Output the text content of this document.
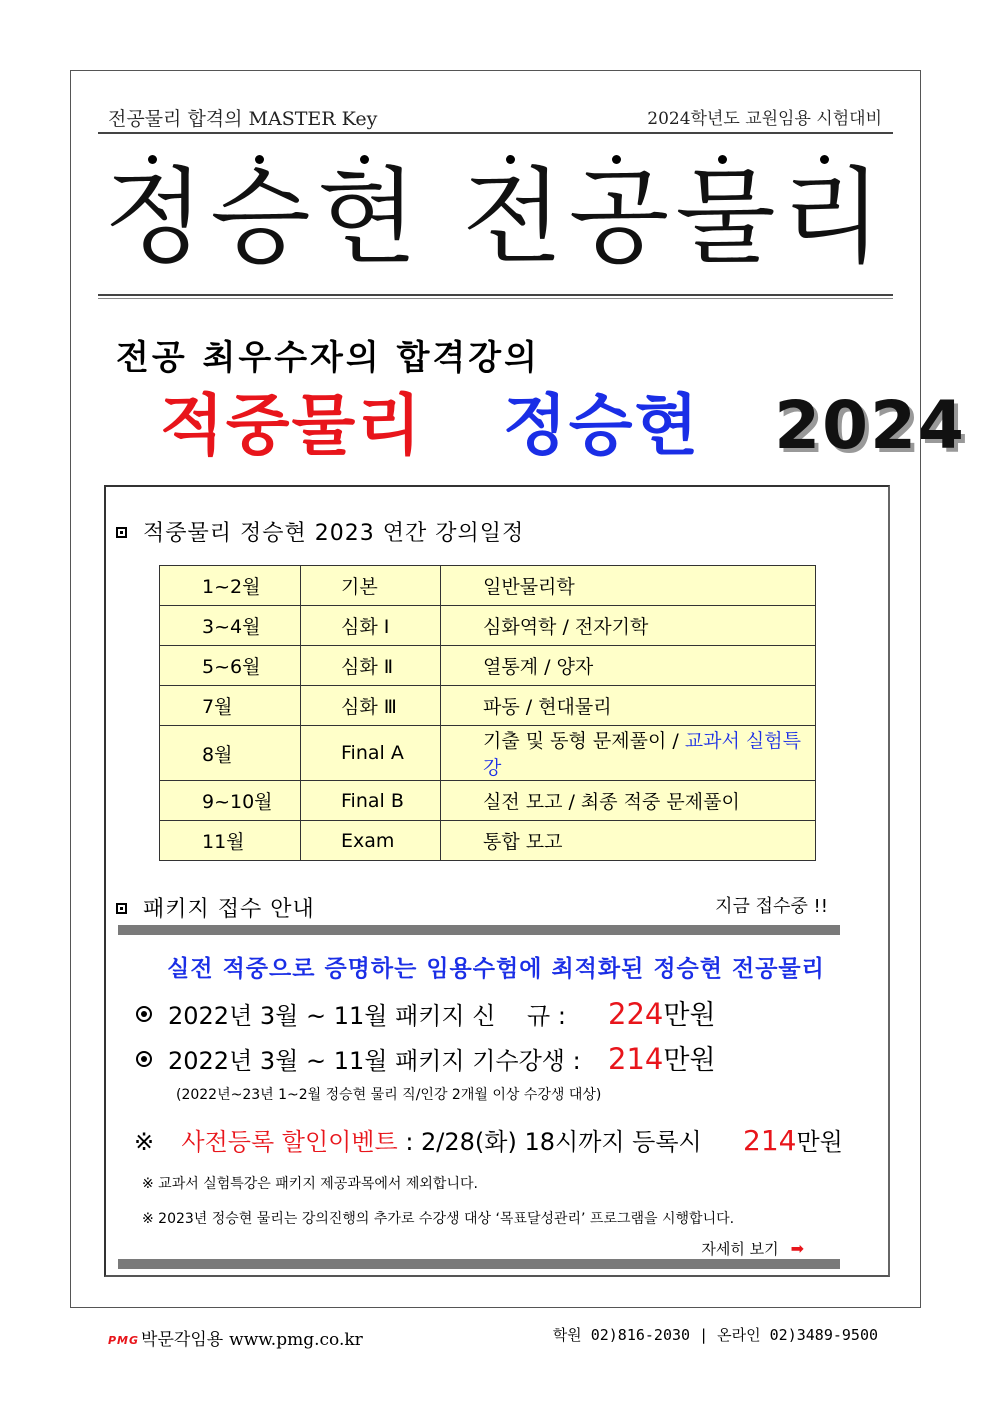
전공물리 합격의 MASTER Key	2024학년도 교원임용 시험대비
정승현 전공물리
전공 최우수자의 합격강의
적중물리 정승현 2024
적중물리 정승현 2023 연간 강의일정
1~2월	기본	일반물리학
3~4월	심화 Ⅰ	심화역학 / 전자기학
5~6월	심화 Ⅱ	열통계 / 양자
7월	심화 Ⅲ	파동 / 현대물리
8월	Final A	기출 및 동형 문제풀이 / 교과서 실험특강
9~10월	Final B	실전 모고 / 최종 적중 문제풀이
11월	Exam	통합 모고
패키지 접수 안내	지금 접수중 !!
실전 적중으로 증명하는 임용수험에 최적화된 정승현 전공물리
2022년 3월 ~ 11월 패키지 신　 규 : 224만원
2022년 3월 ~ 11월 패키지 기수강생 : 214만원
(2022년~23년 1~2월 정승현 물리 직/인강 2개월 이상 수강생 대상)
※ 사전등록 할인이벤트 : 2/28(화) 18시까지 등록시 214만원
※ 교과서 실험특강은 패키지 제공과목에서 제외합니다.
※ 2023년 정승현 물리는 강의진행의 추가로 수강생 대상 ‘목표달성관리’ 프로그램을 시행합니다.
자세히 보기 ➡
PMG 박문각임용 www.pmg.co.kr	학원 02)816-2030 | 온라인 02)3489-9500
